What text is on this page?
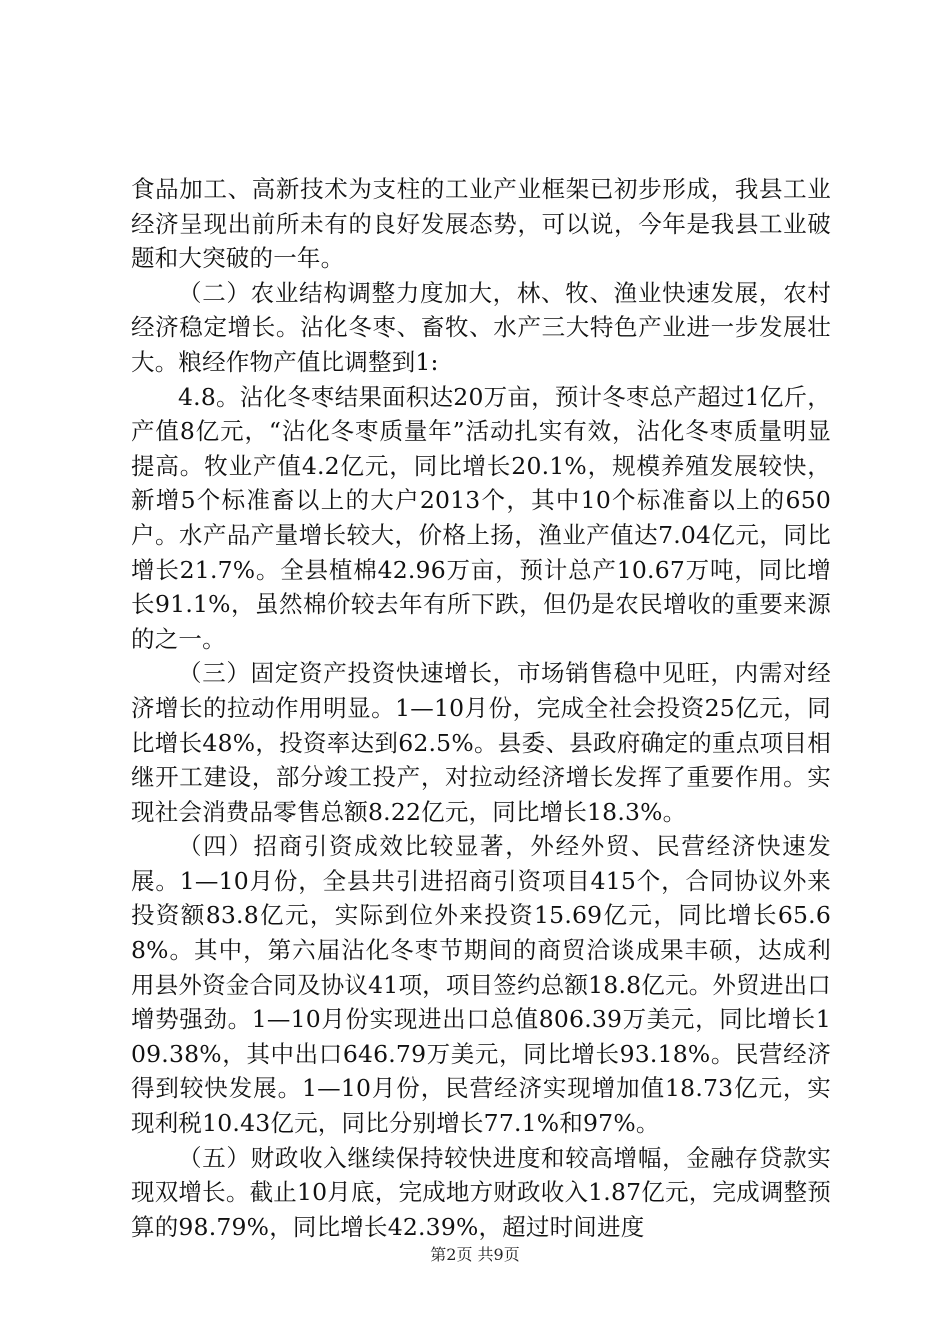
食品加工、高新技术为支柱的工业产业框架已初步形成，我县工业经济呈现出前所未有的良好发展态势，可以说，今年是我县工业破题和大突破的一年。

（二）农业结构调整力度加大，林、牧、渔业快速发展，农村经济稳定增长。沾化冬枣、畜牧、水产三大特色产业进一步发展壮大。粮经作物产值比调整到1:

4.8。沾化冬枣结果面积达20万亩，预计冬枣总产超过1亿斤，产值8亿元，“沾化冬枣质量年”活动扎实有效，沾化冬枣质量明显提高。牧业产值4.2亿元，同比增长20.1%，规模养殖发展较快，新增5个标准畜以上的大户2013个，其中10个标准畜以上的650户。水产品产量增长较大，价格上扬，渔业产值达7.04亿元，同比增长21.7%。全县植棉42.96万亩，预计总产10.67万吨，同比增长91.1%，虽然棉价较去年有所下跌，但仍是农民增收的重要来源的之一。

（三）固定资产投资快速增长，市场销售稳中见旺，内需对经济增长的拉动作用明显。1—10月份，完成全社会投资25亿元，同比增长48%，投资率达到62.5%。县委、县政府确定的重点项目相继开工建设，部分竣工投产，对拉动经济增长发挥了重要作用。实现社会消费品零售总额8.22亿元，同比增长18.3%。

（四）招商引资成效比较显著，外经外贸、民营经济快速发展。1—10月份，全县共引进招商引资项目415个，合同协议外来投资额83.8亿元，实际到位外来投资15.69亿元，同比增长65.68%。其中，第六届沾化冬枣节期间的商贸洽谈成果丰硕，达成利用县外资金合同及协议41项，项目签约总额18.8亿元。外贸进出口增势强劲。1—10月份实现进出口总值806.39万美元，同比增长109.38%，其中出口646.79万美元，同比增长93.18%。民营经济得到较快发展。1—10月份，民营经济实现增加值18.73亿元，实现利税10.43亿元，同比分别增长77.1%和97%。

（五）财政收入继续保持较快进度和较高增幅，金融存贷款实现双增长。截止10月底，完成地方财政收入1.87亿元，完成调整预算的98.79%，同比增长42.39%，超过时间进度

第2页 共9页
